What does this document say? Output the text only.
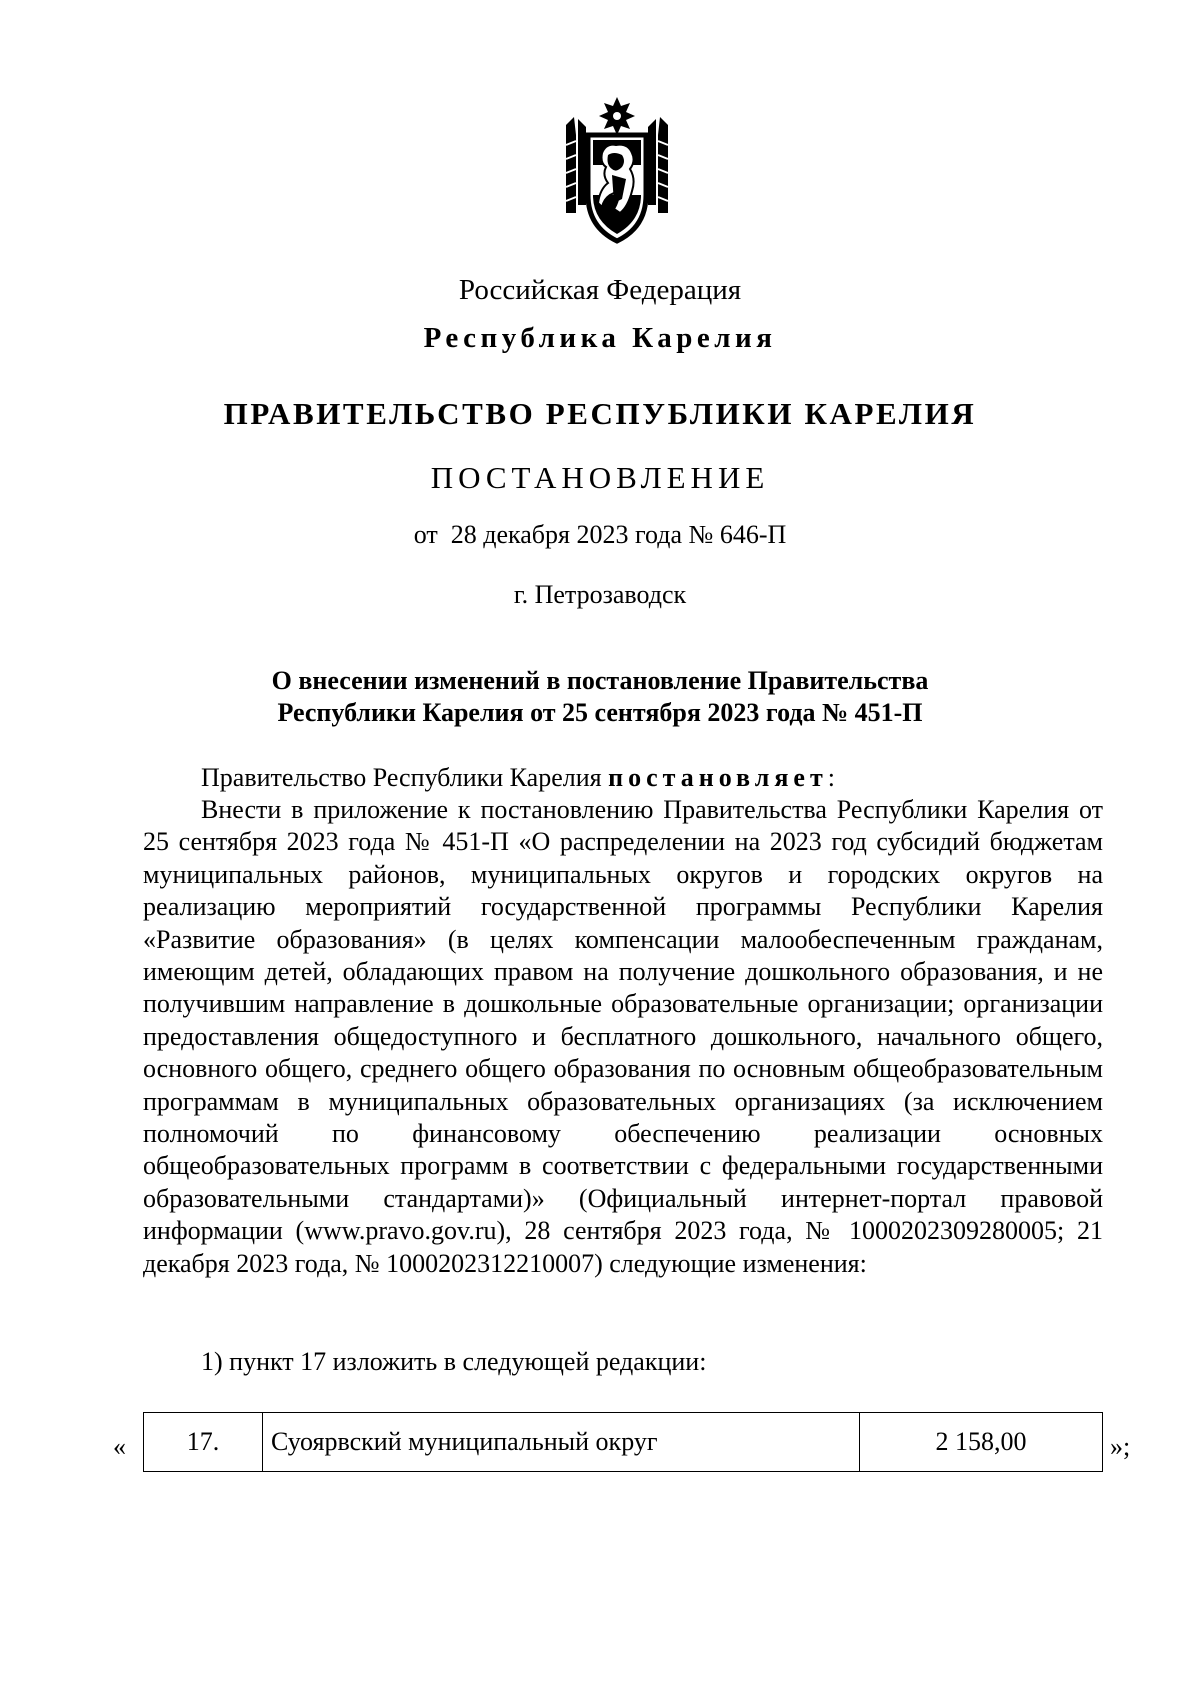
Российская Федерация
Республика Карелия
ПРАВИТЕЛЬСТВО РЕСПУБЛИКИ КАРЕЛИЯ
ПОСТАНОВЛЕНИЕ
от  28 декабря 2023 года № 646-П
г. Петрозаводск
О внесении изменений в постановление Правительства
Республики Карелия от 25 сентября 2023 года № 451-П

Правительство Республики Карелия постановляет:

Внести в приложение к постановлению Правительства Республики Карелия от 25 сентября 2023 года № 451-П «О распределении на 2023 год субсидий бюджетам муниципальных районов, муниципальных округов и городских округов на реализацию мероприятий государственной программы Республики Карелия «Развитие образования» (в целях компенсации малообеспеченным гражданам, имеющим детей, обладающих правом на получение дошкольного образования, и не получившим направление в дошкольные образовательные организации; организации предоставления общедоступного и бесплатного дошкольного, начального общего, основного общего, среднего общего образования по основным общеобразовательным программам в муниципальных образовательных организациях (за исключением полномочий по финансовому обеспечению реализации основных общеобразовательных программ в соответствии с федеральными государственными образовательными стандартами)» (Официальный интернет-портал правовой информации (www.pravo.gov.ru), 28 сентября 2023 года, № 1000202309280005; 21 декабря 2023 года, № 1000202312210007) следующие изменения:

1) пункт 17 изложить в следующей редакции:

« 17.	Суоярвский муниципальный округ	2 158,00	»;
